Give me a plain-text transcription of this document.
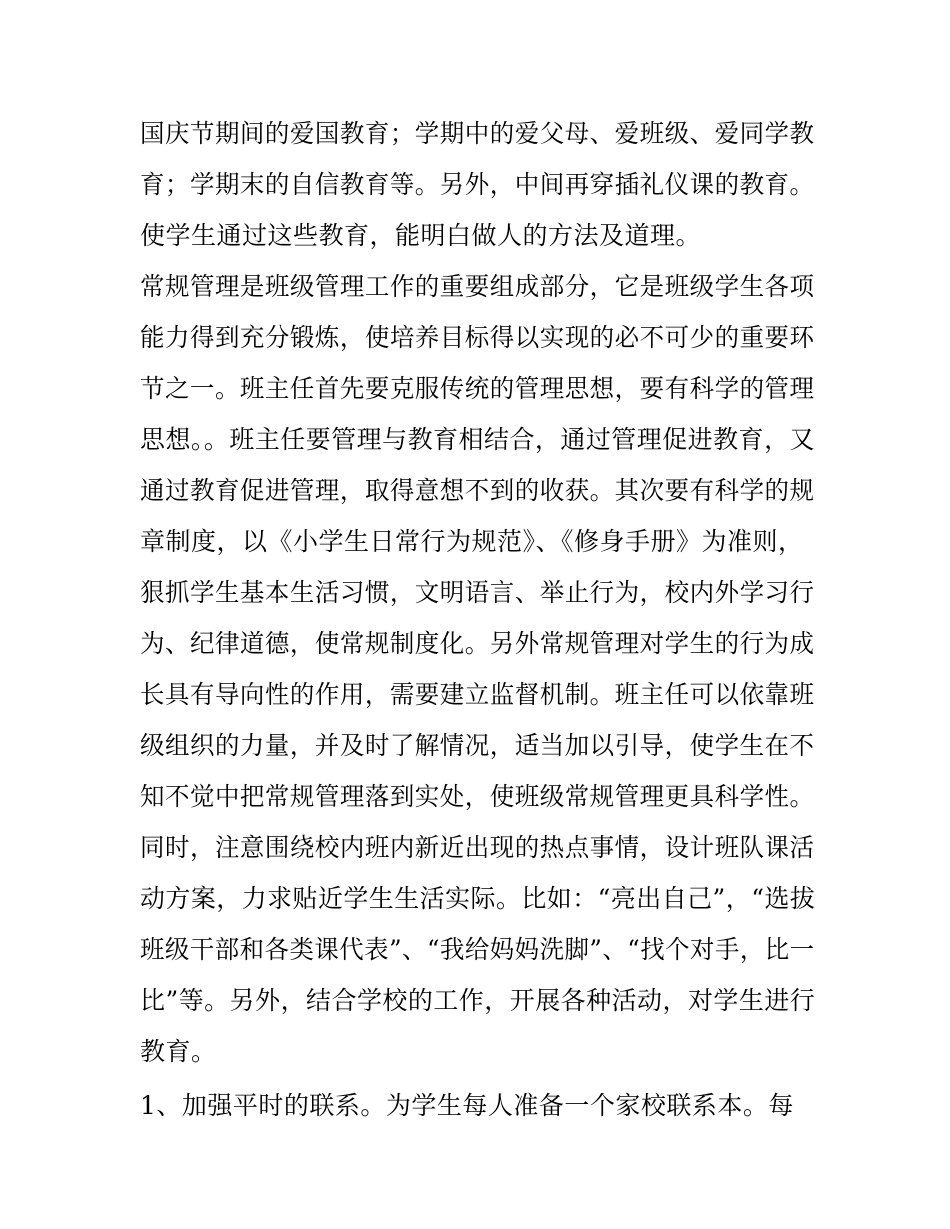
国庆节期间的爱国教育；学期中的爱父母、爱班级、爱同学教
育；学期末的自信教育等。另外，中间再穿插礼仪课的教育。
使学生通过这些教育，能明白做人的方法及道理。
常规管理是班级管理工作的重要组成部分，它是班级学生各项
能力得到充分锻炼，使培养目标得以实现的必不可少的重要环
节之一。班主任首先要克服传统的管理思想，要有科学的管理
思想。。班主任要管理与教育相结合，通过管理促进教育，又
通过教育促进管理，取得意想不到的收获。其次要有科学的规
章制度，以《小学生日常行为规范》、《修身手册》为准则，
狠抓学生基本生活习惯，文明语言、举止行为，校内外学习行
为、纪律道德，使常规制度化。另外常规管理对学生的行为成
长具有导向性的作用，需要建立监督机制。班主任可以依靠班
级组织的力量，并及时了解情况，适当加以引导，使学生在不
知不觉中把常规管理落到实处，使班级常规管理更具科学性。
同时，注意围绕校内班内新近出现的热点事情，设计班队课活
动方案，力求贴近学生生活实际。比如：“亮出自己”，“选拔
班级干部和各类课代表”、“我给妈妈洗脚”、“找个对手，比一
比”等。另外，结合学校的工作，开展各种活动，对学生进行
教育。
1、加强平时的联系。为学生每人准备一个家校联系本。每
